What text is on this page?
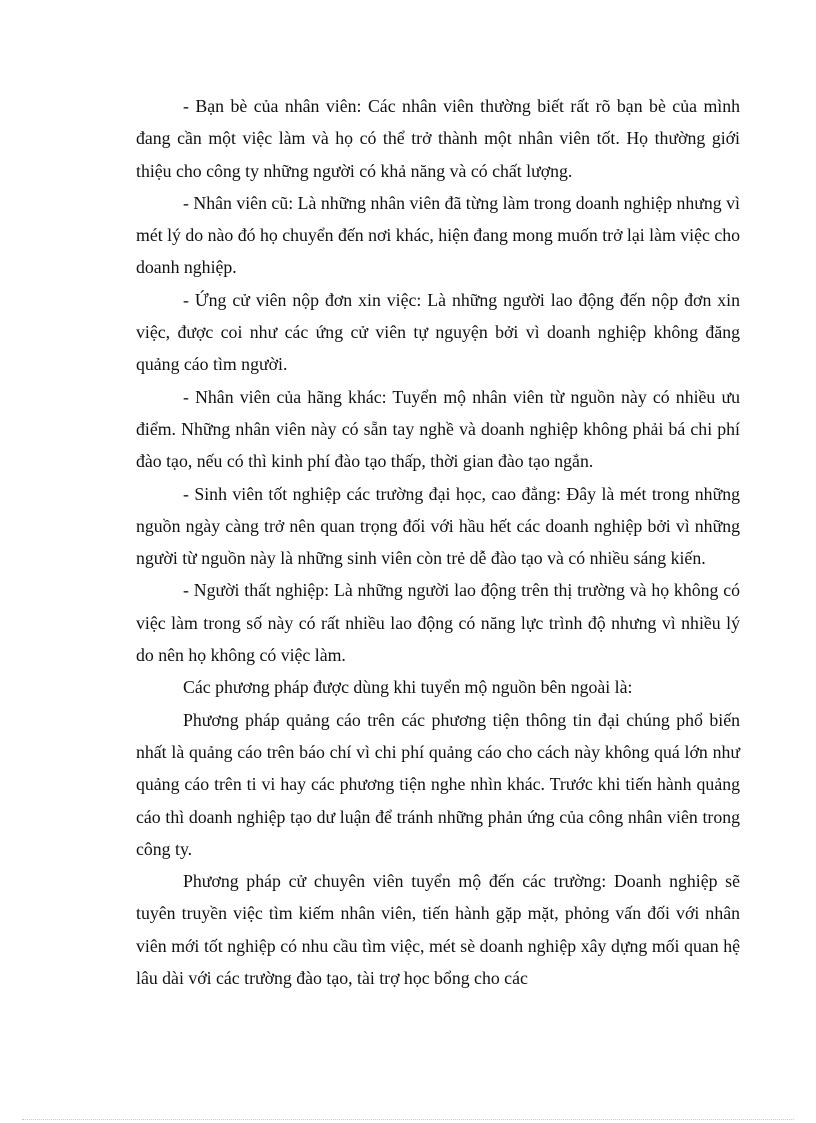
- Bạn bè của nhân viên: Các nhân viên thường biết rất rõ bạn bè của mình đang cần một việc làm và họ có thể trở thành một nhân viên tốt. Họ thường giới thiệu cho công ty những người có khả năng và có chất lượng.

- Nhân viên cũ: Là những nhân viên đã từng làm trong doanh nghiệp nhưng vì mét lý do nào đó họ chuyển đến nơi khác, hiện đang mong muốn trở lại làm việc cho doanh nghiệp.

- Ứng cử viên nộp đơn xin việc: Là những người lao động đến nộp đơn xin việc, được coi như các ứng cử viên tự nguyện bởi vì doanh nghiệp không đăng quảng cáo tìm người.

- Nhân viên của hãng khác: Tuyển mộ nhân viên từ nguồn này có nhiều ưu điểm. Những nhân viên này có sẵn tay nghề và doanh nghiệp không phải bá chi phí đào tạo, nếu có thì kinh phí đào tạo thấp, thời gian đào tạo ngắn.

- Sinh viên tốt nghiệp các trường đại học, cao đẳng: Đây là mét trong những nguồn ngày càng trở nên quan trọng đối với hầu hết các doanh nghiệp bởi vì những người từ nguồn này là những sinh viên còn trẻ dễ đào tạo và có nhiều sáng kiến.

- Người thất nghiệp: Là những người lao động trên thị trường và họ không có việc làm trong số này có rất nhiều lao động có năng lực trình độ nhưng vì nhiều lý do nên họ không có việc làm.

Các phương pháp được dùng khi tuyển mộ nguồn bên ngoài là:

Phương pháp quảng cáo trên các phương tiện thông tin đại chúng phổ biến nhất là quảng cáo trên báo chí vì chi phí quảng cáo cho cách này không quá lớn như quảng cáo trên ti vi hay các phương tiện nghe nhìn khác. Trước khi tiến hành quảng cáo thì doanh nghiệp tạo dư luận để tránh những phản ứng của công nhân viên trong công ty.

Phương pháp cử chuyên viên tuyển mộ đến các trường: Doanh nghiệp sẽ tuyên truyền việc tìm kiếm nhân viên, tiến hành gặp mặt, phỏng vấn đối với nhân viên mới tốt nghiệp có nhu cầu tìm việc, mét sè doanh nghiệp xây dựng mối quan hệ lâu dài với các trường đào tạo, tài trợ học bổng cho các
